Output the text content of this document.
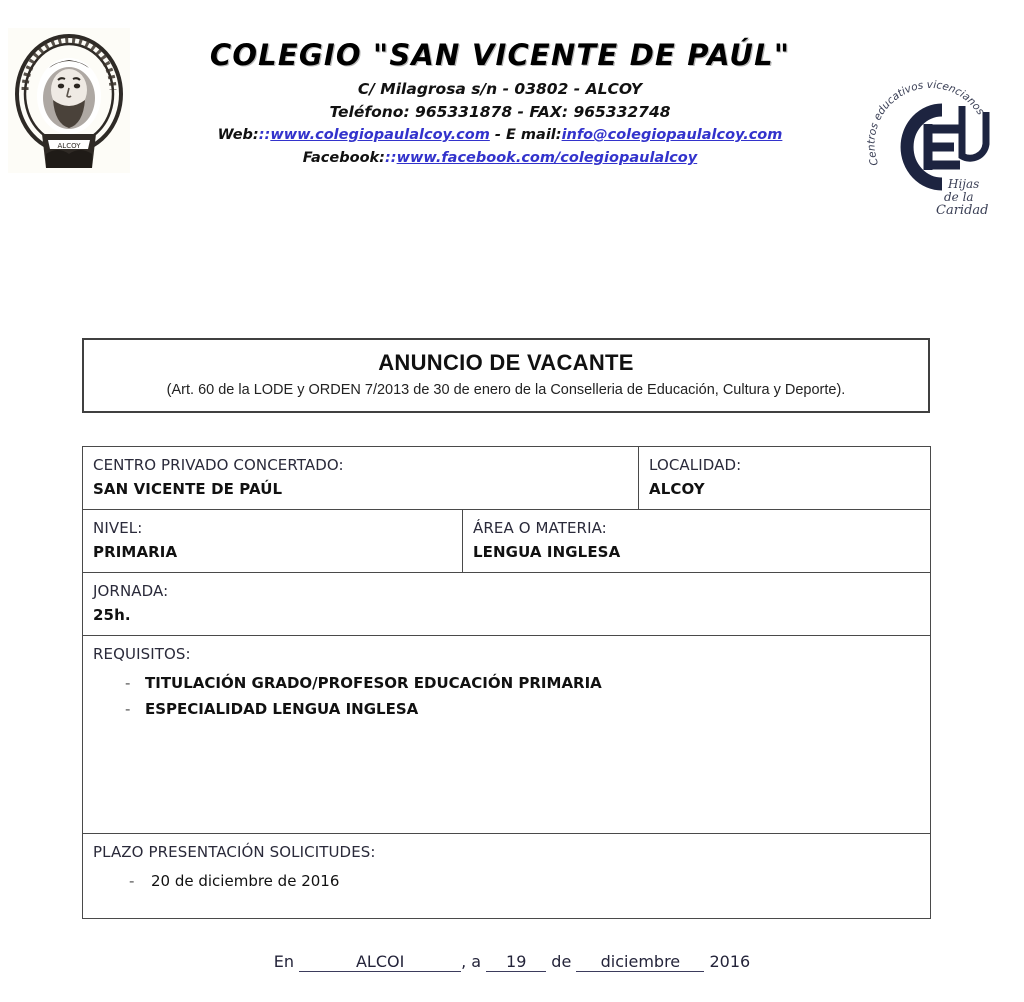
ALCOY
COLEGIO "SAN VICENTE DE PAÚL"
C/ Milagrosa s/n - 03802 - ALCOY
Teléfono: 965331878 - FAX: 965332748
Web:::www.colegiopaulalcoy.com - E mail:info@colegiopaulalcoy.com
Facebook:::www.facebook.com/colegiopaulalcoy	Centros educativos vicencianos
Hijas
de la
Caridad
ANUNCIO DE VACANTE
(Art. 60 de la LODE y ORDEN 7/2013 de 30 de enero de la Conselleria de Educación, Cultura y Deporte).
CENTRO PRIVADO CONCERTADO:
SAN VICENTE DE PAÚL		LOCALIDAD:
ALCOY

NIVEL:
PRIMARIA	ÁREA O MATERIA:
LENGUA INGLESA	

JORNADA:
25h.		

REQUISITOS:
- TITULACIÓN GRADO/PROFESOR EDUCACIÓN PRIMARIA
- ESPECIALIDAD LENGUA INGLESA

PLAZO PRESENTACIÓN SOLICITUDES:
- 20 de diciembre de 2016
En	ALCOI	, a 19 de diciembre 2016
